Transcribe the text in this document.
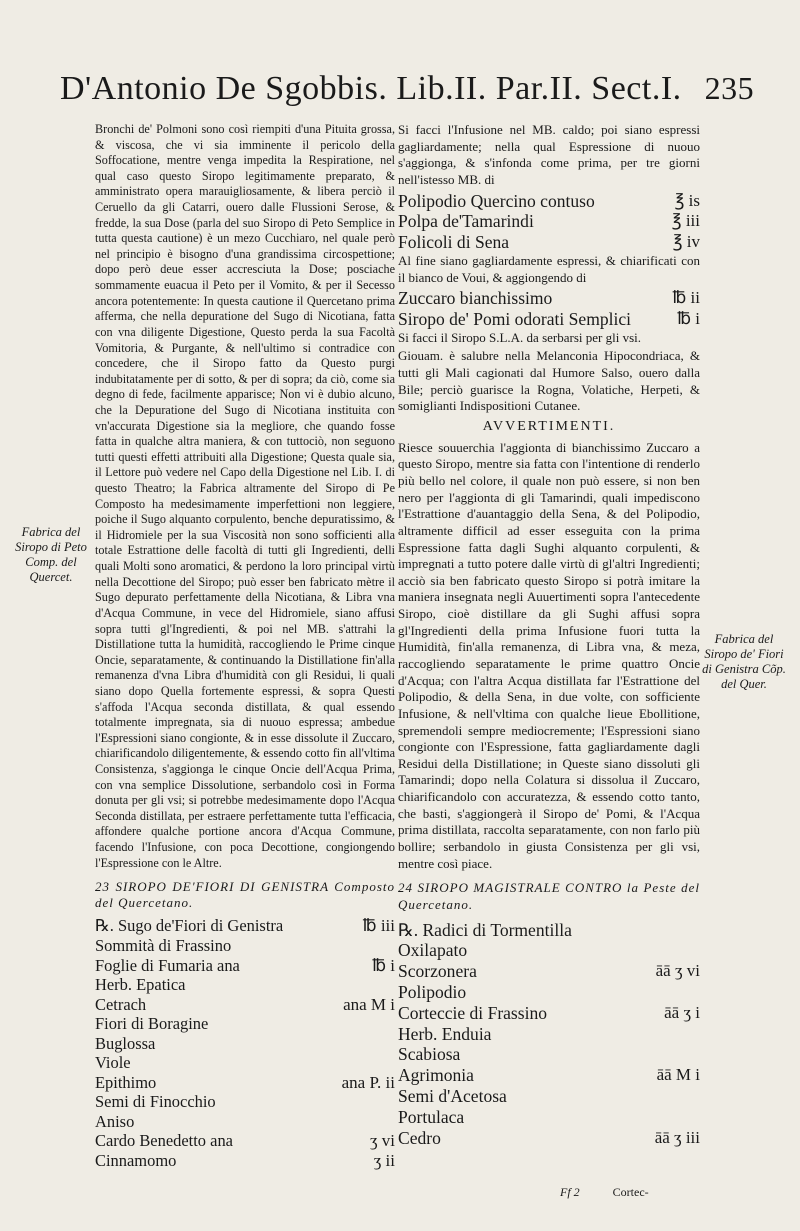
D'Antonio De Sgobbis. Lib.II. Par.II. Sect.I. 235
Fabrica del Siropo di Peto Comp. del Quercet.
Fabrica del Siropo de' Fiori di Genistra Cõp. del Quer.

Bronchi de' Polmoni sono così riempiti d'una Pituita grossa, & viscosa, che vi sia imminente il pericolo della Soffocatione, mentre venga impedita la Respiratione, nel qual caso questo Siropo legitimamente preparato, & amministrato opera marauigliosamente, & libera perciò il Ceruello da gli Catarri, ouero dalle Flussioni Serose, & fredde, la sua Dose (parla del suo Siropo di Peto Semplice in tutta questa cautione) è un mezo Cucchiaro, nel quale però nel principio è bisogno d'una grandissima circospettione; dopo però deue esser accresciuta la Dose; posciache sommamente euacua il Peto per il Vomito, & per il Secesso ancora potentemente: In questa cautione il Quercetano prima afferma, che nella depuratione del Sugo di Nicotiana, fatta con vna diligente Digestione, Questo perda la sua Facoltà Vomitoria, & Purgante, & nell'ultimo si contradice con concedere, che il Siropo fatto da Questo purgi indubitatamente per di sotto, & per di sopra; da ciò, come sia degno di fede, facilmente apparisce; Non vi è dubio alcuno, che la Depuratione del Sugo di Nicotiana instituita con vn'accurata Digestione sia la megliore, che quando fosse fatta in qualche altra maniera, & con tuttociò, non seguono tutti questi effetti attribuiti alla Digestione; Questa quale sia, il Lettore può vedere nel Capo della Digestione nel Lib. I. di questo Theatro; la Fabrica altramente del Siropo di Pe Composto ha medesimamente imperfettioni non leggiere, poiche il Sugo alquanto corpulento, benche depuratissimo, & il Hidromiele per la sua Viscosità non sono sofficienti alla totale Estrattione delle facoltà di tutti gli Ingredienti, delli quali Molti sono aromatici, & perdono la loro principal virtù nella Decottione del Siropo; può esser ben fabricato mètre il Sugo depurato perfettamente della Nicotiana, & Libra vna d'Acqua Commune, in vece del Hidromiele, siano affusi sopra tutti gl'Ingredienti, & poi nel MB. s'attrahi la Distillatione tutta la humidità, raccogliendo le Prime cinque Oncie, separatamente, & continuando la Distillatione fin'alla remanenza d'vna Libra d'humidità con gli Residui, li quali siano dopo Quella fortemente espressi, & sopra Questi s'affoda l'Acqua seconda distillata, & qual essendo totalmente impregnata, sia di nuouo espressa; ambedue l'Espressioni siano congionte, & in esse dissolute il Zuccaro, chiarificandolo diligentemente, & essendo cotto fin all'vltima Consistenza, s'aggionga le cinque Oncie dell'Acqua Prima, con vna semplice Dissolutione, serbandolo così in Forma donuta per gli vsi; si potrebbe medesimamente dopo l'Acqua Seconda distillata, per estraere perfettamente tutta l'efficacia, affondere qualche portione ancora d'Acqua Commune, facendo l'Infusione, con poca Decottione, congiongendo l'Espressione con le Altre.

23 SIROPO DE'FIORI DI GENISTRA Composto del Quercetano.
℞. Sugo de'Fiori di Genistra	℔ iii
Sommità di Frassino
Foglie di Fumaria ana	℔ i
Herb. Epatica
Cetrach	ana M i
Fiori di Boragine
Buglossa
Viole
Epithimo	ana P. ii
Semi di Finocchio
Aniso
Cardo Benedetto ana	ʒ vi
Cinnamomo	ʒ ii

Si facci l'Infusione nel MB. caldo; poi siano espressi gagliardamente; nella qual Espressione di nuouo s'aggionga, & s'infonda come prima, per tre giorni nell'istesso MB. di

Polipodio Quercino contuso	℥ is
Polpa de'Tamarindi	℥ iii
Folicoli di Sena	℥ iv

Al fine siano gagliardamente espressi, & chiarificati con il bianco de Voui, & aggiongendo di

Zuccaro bianchissimo	℔ ii
Siropo de' Pomi odorati Semplici	℔ i

Si facci il Siropo S.L.A. da serbarsi per gli vsi.

Giouam. è salubre nella Melanconia Hipocondriaca, & tutti gli Mali cagionati dal Humore Salso, ouero dalla Bile; perciò guarisce la Rogna, Volatiche, Herpeti, & somiglianti Indispositioni Cutanee.

AVVERTIMENTI.

Riesce souuerchia l'aggionta di bianchissimo Zuccaro a questo Siropo, mentre sia fatta con l'intentione di renderlo più bello nel colore, il quale non può essere, si non ben nero per l'aggionta di gli Tamarindi, quali impediscono l'Estrattione d'auantaggio della Sena, & del Polipodio, altramente difficil ad esser esseguita con la prima Espressione fatta dagli Sughi alquanto corpulenti, & impregnati a tutto potere dalle virtù di gl'altri Ingredienti; acciò sia ben fabricato questo Siropo si potrà imitare la maniera insegnata negli Auuertimenti sopra l'antecedente Siropo, cioè distillare da gli Sughi affusi sopra gl'Ingredienti della prima Infusione fuori tutta la Humidità, fin'alla remanenza, di Libra vna, & meza, raccogliendo separatamente le prime quattro Oncie d'Acqua; con l'altra Acqua distillata far l'Estrattione del Polipodio, & della Sena, in due volte, con sofficiente Infusione, & nell'vltima con qualche lieue Ebollitione, spremendoli sempre mediocremente; l'Espressioni siano congionte con l'Espressione, fatta gagliardamente dagli Residui della Distillatione; in Queste siano dissoluti gli Tamarindi; dopo nella Colatura si dissolua il Zuccaro, chiarificandolo con accuratezza, & essendo cotto tanto, che basti, s'aggiongerà il Siropo de' Pomi, & l'Acqua prima distillata, raccolta separatamente, con non farlo più bollire; serbandolo in giusta Consistenza per gli vsi, mentre così piace.

24 SIROPO MAGISTRALE CONTRO la Peste del Quercetano.
℞. Radici di Tormentilla
Oxilapato
Scorzonera	āā ʒ vi
Polipodio
Corteccie di Frassino	āā ʒ i
Herb. Enduia
Scabiosa
Agrimonia	āā M i
Semi d'Acetosa
Portulaca
Cedro	āā ʒ iii
Ff 2	Cortec-
